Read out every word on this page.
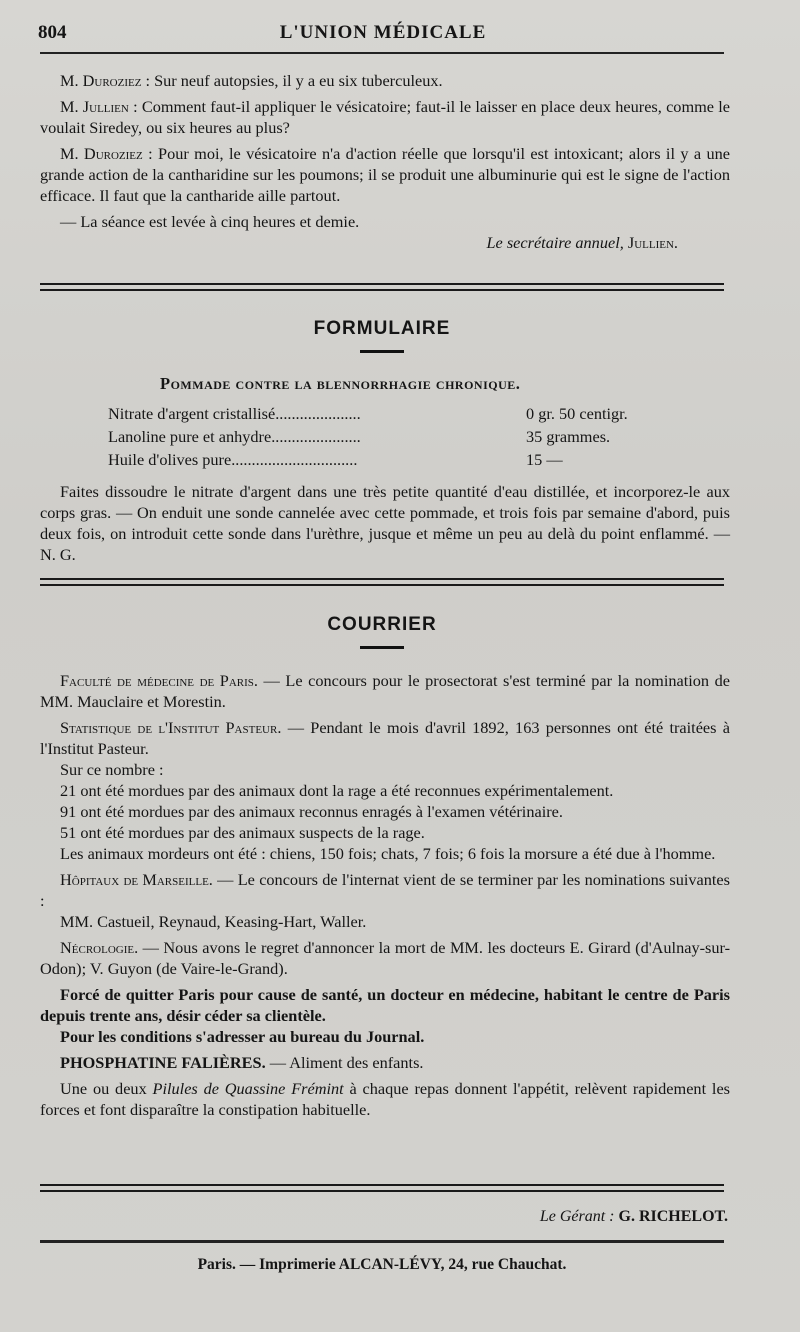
804	L'UNION MÉDICALE

M. Duroziez : Sur neuf autopsies, il y a eu six tuberculeux.

M. Jullien : Comment faut-il appliquer le vésicatoire; faut-il le laisser en place deux heures, comme le voulait Siredey, ou six heures au plus?

M. Duroziez : Pour moi, le vésicatoire n'a d'action réelle que lorsqu'il est intoxicant; alors il y a une grande action de la cantharidine sur les poumons; il se produit une albuminurie qui est le signe de l'action efficace. Il faut que la cantharide aille partout.

— La séance est levée à cinq heures et demie.

Le secrétaire annuel, Jullien.

FORMULAIRE
Pommade contre la blennorrhagie chronique.
Nitrate d'argent cristallisé.....................	0 gr. 50 centigr.
Lanoline pure et anhydre......................	35 grammes.
Huile d'olives pure...............................	15 —

Faites dissoudre le nitrate d'argent dans une très petite quantité d'eau distillée, et incorporez-le aux corps gras. — On enduit une sonde cannelée avec cette pommade, et trois fois par semaine d'abord, puis deux fois, on introduit cette sonde dans l'urèthre, jusque et même un peu au delà du point enflammé. — N. G.

COURRIER

Faculté de médecine de Paris. — Le concours pour le prosectorat s'est terminé par la nomination de MM. Mauclaire et Morestin.

Statistique de l'Institut Pasteur. — Pendant le mois d'avril 1892, 163 personnes ont été traitées à l'Institut Pasteur.

Sur ce nombre :

21 ont été mordues par des animaux dont la rage a été reconnues expérimentalement.

91 ont été mordues par des animaux reconnus enragés à l'examen vétérinaire.

51 ont été mordues par des animaux suspects de la rage.

Les animaux mordeurs ont été : chiens, 150 fois; chats, 7 fois; 6 fois la morsure a été due à l'homme.

Hôpitaux de Marseille. — Le concours de l'internat vient de se terminer par les nominations suivantes :

MM. Castueil, Reynaud, Keasing-Hart, Waller.

Nécrologie. — Nous avons le regret d'annoncer la mort de MM. les docteurs E. Girard (d'Aulnay-sur-Odon); V. Guyon (de Vaire-le-Grand).

Forcé de quitter Paris pour cause de santé, un docteur en médecine, habitant le centre de Paris depuis trente ans, désir céder sa clientèle.

Pour les conditions s'adresser au bureau du Journal.

PHOSPHATINE FALIÈRES. — Aliment des enfants.

Une ou deux Pilules de Quassine Frémint à chaque repas donnent l'appétit, relèvent rapidement les forces et font disparaître la constipation habituelle.

Le Gérant : G. RICHELOT.
Paris. — Imprimerie ALCAN-LÉVY, 24, rue Chauchat.
